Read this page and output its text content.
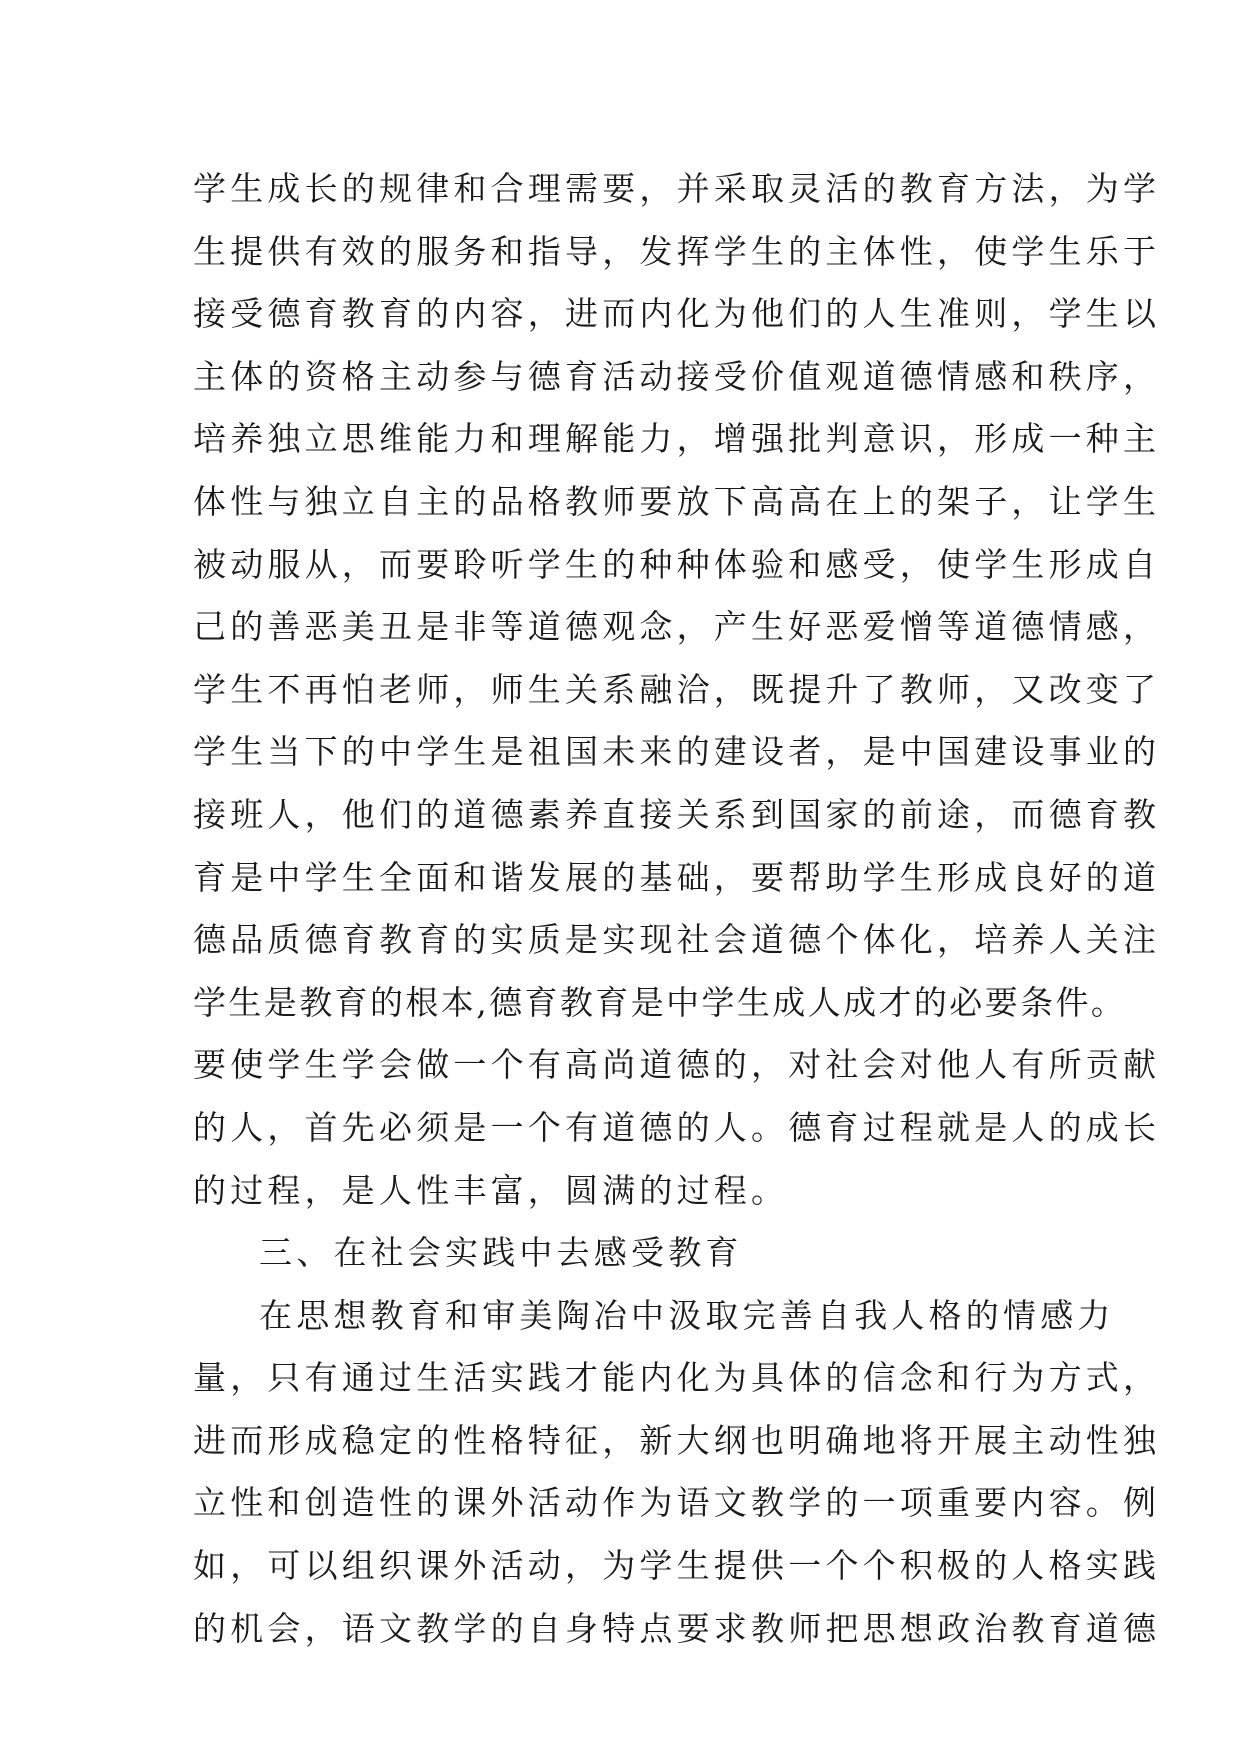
学生成长的规律和合理需要，并采取灵活的教育方法，为学
生提供有效的服务和指导，发挥学生的主体性，使学生乐于
接受德育教育的内容，进而内化为他们的人生准则，学生以
主体的资格主动参与德育活动接受价值观道德情感和秩序，
培养独立思维能力和理解能力，增强批判意识，形成一种主
体性与独立自主的品格教师要放下高高在上的架子，让学生
被动服从，而要聆听学生的种种体验和感受，使学生形成自
己的善恶美丑是非等道德观念，产生好恶爱憎等道德情感，
学生不再怕老师，师生关系融洽，既提升了教师，又改变了
学生当下的中学生是祖国未来的建设者，是中国建设事业的
接班人，他们的道德素养直接关系到国家的前途，而德育教
育是中学生全面和谐发展的基础，要帮助学生形成良好的道
德品质德育教育的实质是实现社会道德个体化，培养人关注
学生是教育的根本,德育教育是中学生成人成才的必要条件。
要使学生学会做一个有高尚道德的，对社会对他人有所贡献
的人，首先必须是一个有道德的人。德育过程就是人的成长
的过程，是人性丰富，圆满的过程。
三、在社会实践中去感受教育
在思想教育和审美陶冶中汲取完善自我人格的情感力
量，只有通过生活实践才能内化为具体的信念和行为方式，
进而形成稳定的性格特征，新大纲也明确地将开展主动性独
立性和创造性的课外活动作为语文教学的一项重要内容。例
如，可以组织课外活动，为学生提供一个个积极的人格实践
的机会，语文教学的自身特点要求教师把思想政治教育道德
